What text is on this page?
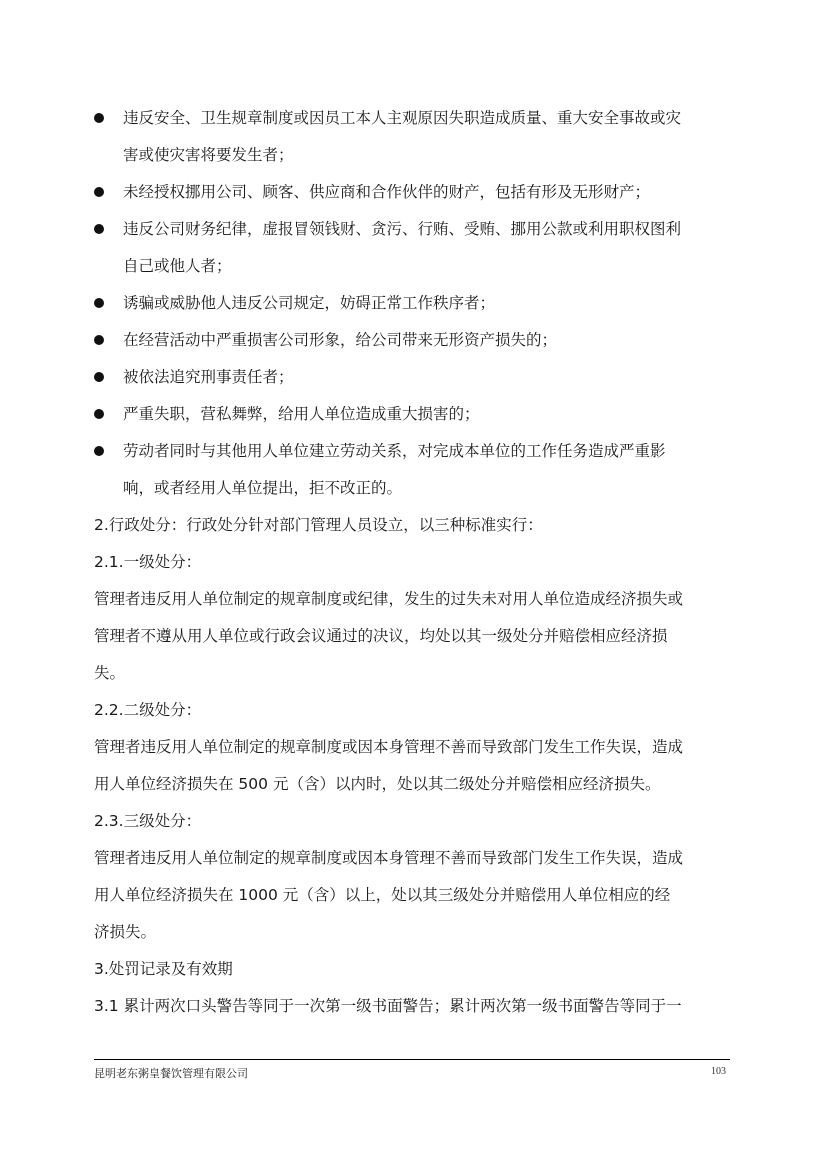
违反安全、卫生规章制度或因员工本人主观原因失职造成质量、重大安全事故或灾
害或使灾害将要发生者；
未经授权挪用公司、顾客、供应商和合作伙伴的财产，包括有形及无形财产；
违反公司财务纪律，虚报冒领钱财、贪污、行贿、受贿、挪用公款或利用职权图利
自己或他人者；
诱骗或威胁他人违反公司规定，妨碍正常工作秩序者；
在经营活动中严重损害公司形象，给公司带来无形资产损失的；
被依法追究刑事责任者；
严重失职，营私舞弊，给用人单位造成重大损害的；
劳动者同时与其他用人单位建立劳动关系，对完成本单位的工作任务造成严重影
响，或者经用人单位提出，拒不改正的。
2.行政处分：行政处分针对部门管理人员设立，以三种标准实行：
2.1.一级处分：
管理者违反用人单位制定的规章制度或纪律，发生的过失未对用人单位造成经济损失或
管理者不遵从用人单位或行政会议通过的决议，均处以其一级处分并赔偿相应经济损
失。
2.2.二级处分：
管理者违反用人单位制定的规章制度或因本身管理不善而导致部门发生工作失误，造成
用人单位经济损失在 500 元（含）以内时，处以其二级处分并赔偿相应经济损失。
2.3.三级处分：
管理者违反用人单位制定的规章制度或因本身管理不善而导致部门发生工作失误，造成
用人单位经济损失在 1000 元（含）以上，处以其三级处分并赔偿用人单位相应的经
济损失。
3.处罚记录及有效期
3.1 累计两次口头警告等同于一次第一级书面警告；累计两次第一级书面警告等同于一
昆明老东粥皇餐饮管理有限公司	103
